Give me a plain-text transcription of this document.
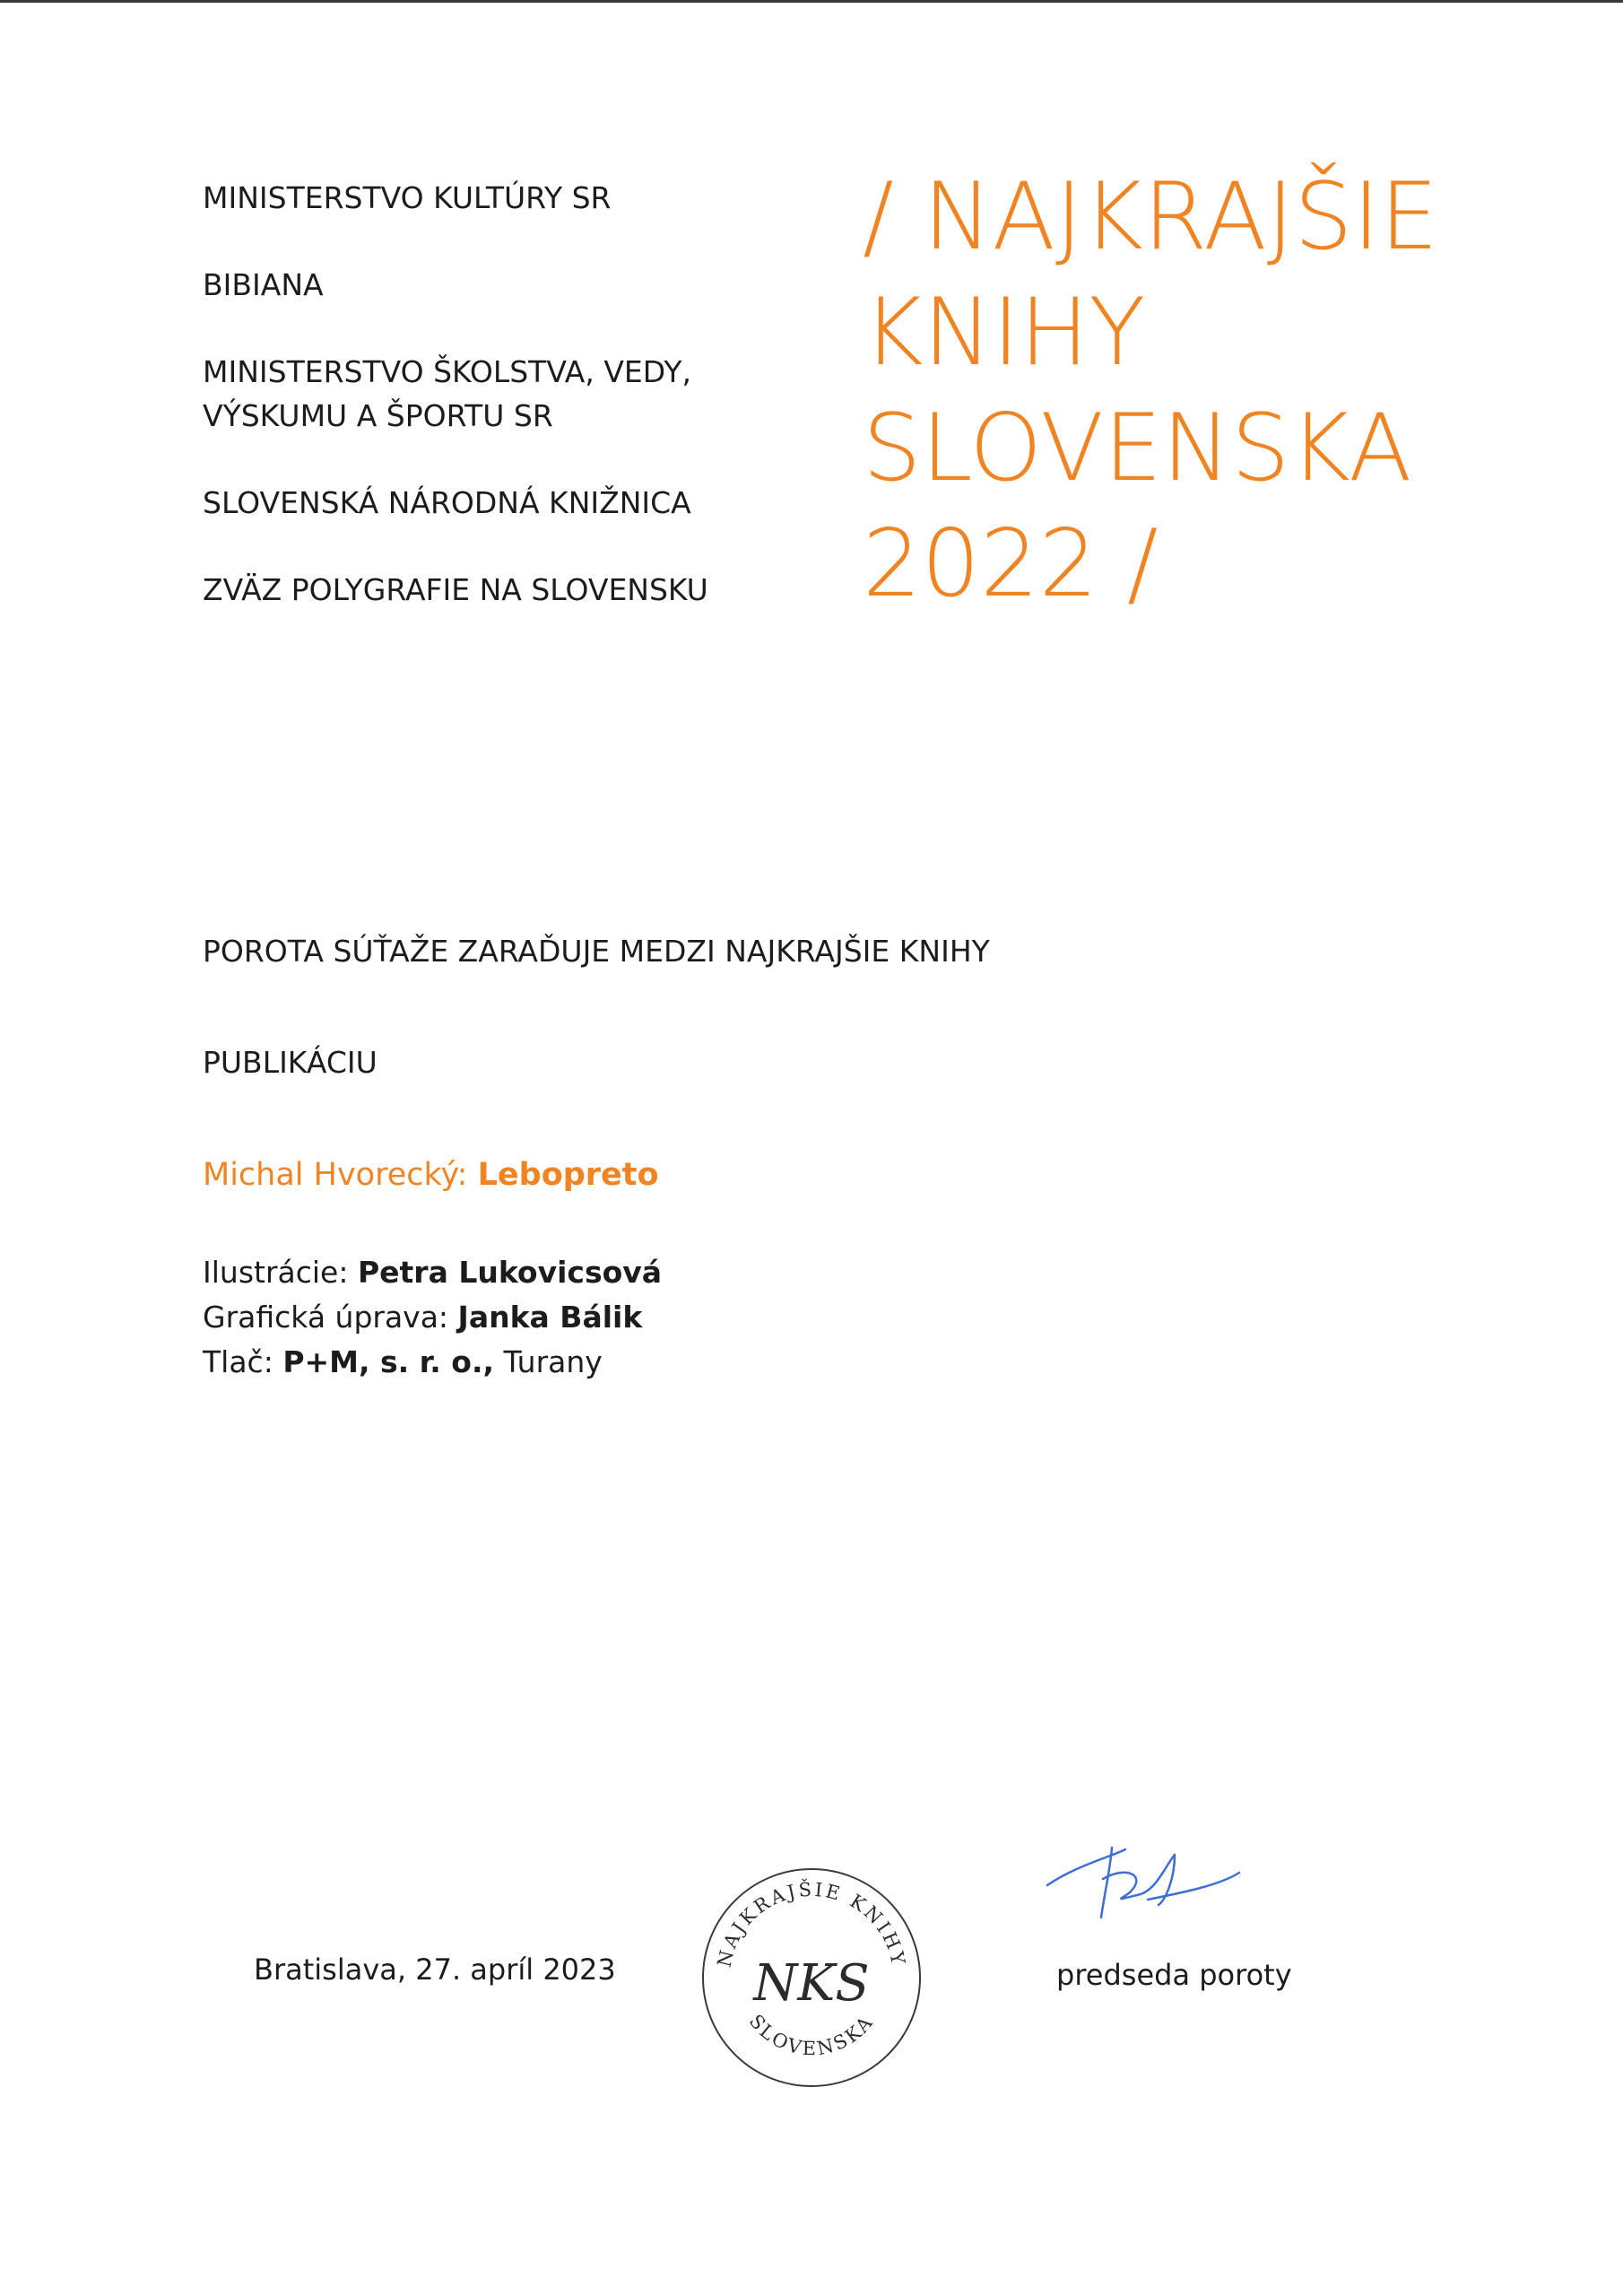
MINISTERSTVO KULTÚRY SR
BIBIANA
MINISTERSTVO ŠKOLSTVA, VEDY,
VÝSKUMU A ŠPORTU SR
SLOVENSKÁ NÁRODNÁ KNIŽNICA
ZVÄZ POLYGRAFIE NA SLOVENSKU
/ NAJKRAJŠIE
KNIHY
SLOVENSKA
2022 /
POROTA SÚŤAŽE ZARAĎUJE MEDZI NAJKRAJŠIE KNIHY
PUBLIKÁCIU
Michal Hvorecký: Lebopreto
Ilustrácie: Petra Lukovicsová
Grafická úprava: Janka Bálik
Tlač: P+M, s. r. o., Turany
Bratislava, 27. apríl 2023	NAJKRAJŠIE KNIHY
SLOVENSKA
NKS	predseda poroty
